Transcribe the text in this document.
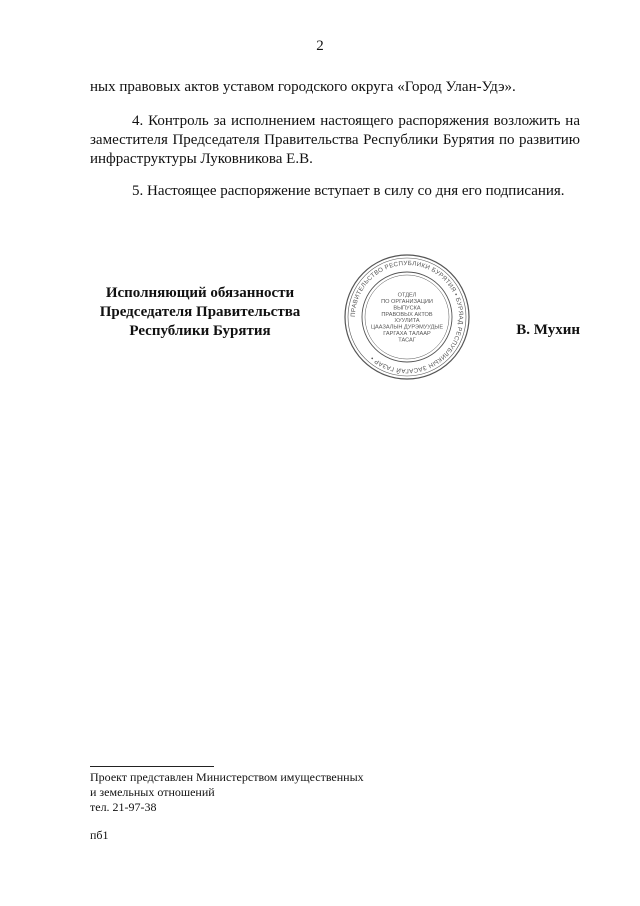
2
ных правовых актов уставом городского округа «Город Улан-Удэ».
4. Контроль за исполнением настоящего распоряжения возложить на заместителя Председателя Правительства Республики Бурятия по развитию инфраструктуры Луковникова Е.В.
5. Настоящее распоряжение вступает в силу со дня его подписания.
Исполняющий обязанности
Председателя Правительства
Республики Бурятия
ПРАВИТЕЛЬСТВО РЕСПУБЛИКИ БУРЯТИЯ • БУРЯАД РЕСПУБЛИКЫН ЗАСАГАЙ ГАЗАР •
ОТДЕЛ
ПО ОРГАНИЗАЦИИ
ВЫПУСКА
ПРАВОВЫХ АКТОВ
ХУУЛИТА
ЦААЗАЛЫН ДУРЭМУУДЫЕ
ГАРГАХА ТАЛААР
ТАСАГ
В. Мухин
Проект представлен Министерством имущественных
и земельных отношений
тел. 21-97-38
пб1
